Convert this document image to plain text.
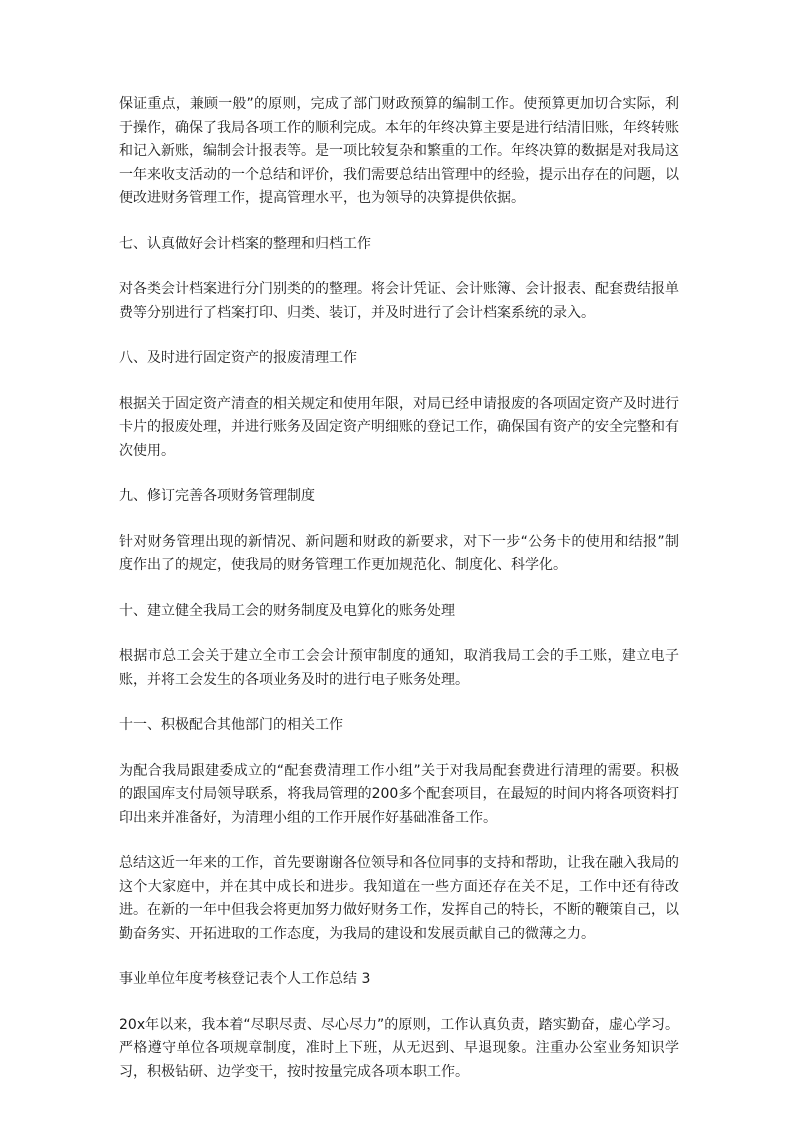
保证重点，兼顾一般”的原则，完成了部门财政预算的编制工作。使预算更加切合实际，利于操作，确保了我局各项工作的顺利完成。本年的年终决算主要是进行结清旧账，年终转账和记入新账，编制会计报表等。是一项比较复杂和繁重的工作。年终决算的数据是对我局这一年来收支活动的一个总结和评价，我们需要总结出管理中的经验，提示出存在的问题，以便改进财务管理工作，提高管理水平，也为领导的决算提供依据。

七、认真做好会计档案的整理和归档工作

对各类会计档案进行分门别类的的整理。将会计凭证、会计账簿、会计报表、配套费结报单费等分别进行了档案打印、归类、装订，并及时进行了会计档案系统的录入。

八、及时进行固定资产的报废清理工作

根据关于固定资产清查的相关规定和使用年限，对局已经申请报废的各项固定资产及时进行卡片的报废处理，并进行账务及固定资产明细账的登记工作，确保国有资产的安全完整和有次使用。

九、修订完善各项财务管理制度

针对财务管理出现的新情况、新问题和财政的新要求，对下一步“公务卡的使用和结报”制度作出了的规定，使我局的财务管理工作更加规范化、制度化、科学化。

十、建立健全我局工会的财务制度及电算化的账务处理

根据市总工会关于建立全市工会会计预审制度的通知，取消我局工会的手工账，建立电子账，并将工会发生的各项业务及时的进行电子账务处理。

十一、积极配合其他部门的相关工作

为配合我局跟建委成立的“配套费清理工作小组”关于对我局配套费进行清理的需要。积极的跟国库支付局领导联系，将我局管理的200多个配套项目，在最短的时间内将各项资料打印出来并准备好，为清理小组的工作开展作好基础准备工作。

总结这近一年来的工作，首先要谢谢各位领导和各位同事的支持和帮助，让我在融入我局的这个大家庭中，并在其中成长和进步。我知道在一些方面还存在关不足，工作中还有待改进。在新的一年中但我会将更加努力做好财务工作，发挥自己的特长，不断的鞭策自己，以勤奋务实、开拓进取的工作态度，为我局的建设和发展贡献自己的微薄之力。

事业单位年度考核登记表个人工作总结 3

20x年以来，我本着“尽职尽责、尽心尽力”的原则，工作认真负责，踏实勤奋，虚心学习。严格遵守单位各项规章制度，准时上下班，从无迟到、早退现象。注重办公室业务知识学习，积极钻研、边学变干，按时按量完成各项本职工作。
